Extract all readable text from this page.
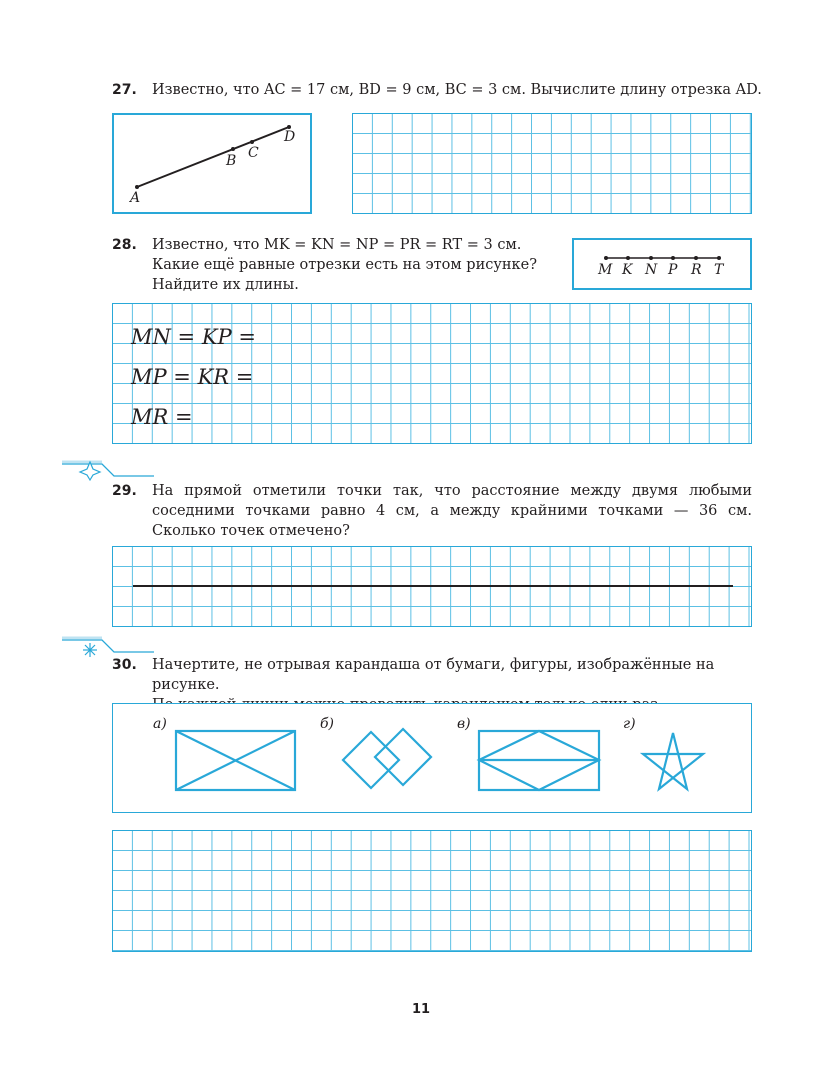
27. Известно, что AC = 17 см, BD = 9 см, BC = 3 см. Вычислите длину отрезка AD.
A
B C
D
28. Известно, что MK = KN = NP = PR = RT = 3 см.
Какие ещё равные отрезки есть на этом рисунке?
Найдите их длины.
M K N P R T
MN = KP =
MP = KR =
MR =
29. На прямой отметили точки так, что расстояние между двумя любыми соседними точками равно 4 см, а между крайними точками — 36 см. Сколько точек отмечено?
30. Начертите, не отрывая карандаша от бумаги, фигуры, изображённые на рисунке.
а)	б)	в)	г)
11
